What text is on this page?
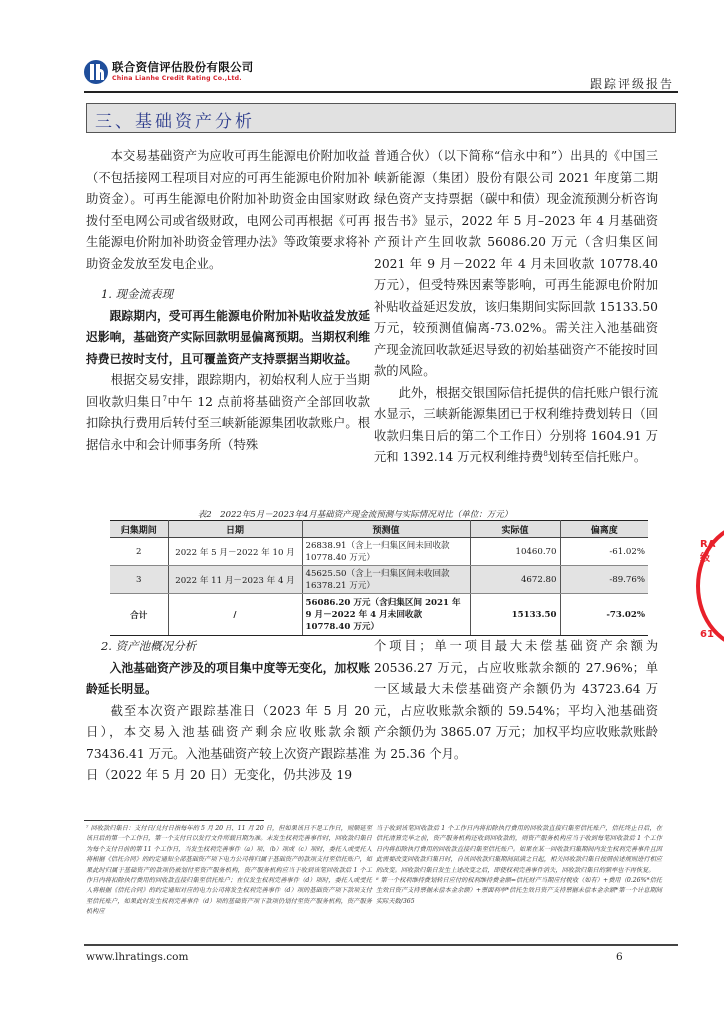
联合资信评估股份有限公司
China Lianhe Credit Rating Co.,Ltd.	跟踪评级报告
三、基础资产分析

本交易基础资产为应收可再生能源电价附加收益（不包括接网工程项目对应的可再生能源电价附加补助资金）。可再生能源电价附加补助资金由国家财政拨付至电网公司或省级财政，电网公司再根据《可再生能源电价附加补助资金管理办法》等政策要求将补助资金发放至发电企业。

1. 现金流表现

跟踪期内，受可再生能源电价附加补贴收益发放延迟影响，基础资产实际回款明显偏离预期。当期权利维持费已按时支付，且可覆盖资产支持票据当期收益。

根据交易安排，跟踪期内，初始权利人应于当期回收款归集日$^7$中午 12 点前将基础资产全部回收款扣除执行费用后转付至三峡新能源集团收款账户。根据信永中和会计师事务所（特殊

普通合伙）（以下简称“信永中和”）出具的《中国三峡新能源（集团）股份有限公司 2021 年度第二期绿色资产支持票据（碳中和债）现金流预测分析咨询报告书》显示，2022 年 5 月–2023 年 4 月基础资产预计产生回收款 56086.20 万元（含归集区间 2021 年 9 月－2022 年 4 月未回收款 10778.40 万元），但受特殊因素等影响，可再生能源电价附加补贴收益延迟发放，该归集期间实际回款 15133.50 万元，较预测值偏离-73.02%。需关注入池基础资产现金流回收款延迟导致的初始基础资产不能按时回款的风险。

此外，根据交银国际信托提供的信托账户银行流水显示，三峡新能源集团已于权利维持费划转日（回收款归集日后的第二个工作日）分别将 1604.91 万元和 1392.14 万元权利维持费$^8$划转至信托账户。

表2　2022年5月－2023年4月基础资产现金流预测与实际情况对比（单位：万元）
归集期间	日期	预测值	实际值	偏离度
2	2022 年 5 月－2022 年 10 月	26838.91（含上一归集区间未回收款 10778.40 万元）	10460.70	-61.02%
3	2022 年 11 月－2023 年 4 月	45625.50（含上一归集区间未收回款 16378.21 万元）	4672.80	-89.76%
合计	/	56086.20 万元（含归集区间 2021 年 9 月－2022 年 4 月未回收款 10778.40 万元）	15133.50	-73.02%
RA 级
61

2. 资产池概况分析

入池基础资产涉及的项目集中度等无变化，加权账龄延长明显。

截至本次资产跟踪基准日（2023 年 5 月 20 日），本交易入池基础资产剩余应收账款余额 73436.41 万元。入池基础资产较上次资产跟踪基准日（2022 年 5 月 20 日）无变化，仍共涉及 19

个项目；单一项目最大未偿基础资产余额为 20536.27 万元，占应收账款余额的 27.96%；单一区域最大未偿基础资产余额仍为 43723.64 万元，占应收账款余额的 59.54%；平均入池基础资产余额仍为 3865.07 万元；加权平均应收账款账龄为 25.36 个月。

⁷ 回收款归集日：支付日/兑付日指每年的 5 月 20 日、11 月 20 日，但如果该日不是工作日，则顺延至该日后的第一个工作日，第一个支付日以发行文件所载日期为准。未发生权利完善事件时，回收款归集日为每个支付日前的第 11 个工作日，当发生权利完善事件（a）项、（b）项或（c）项时，委托人或受托人将根据《信托合同》的约定通知全部基础资产项下电力公司将归属于基础资产的款项支付至信托账户，如果此时归属于基础资产的款项仍被划付至资产服务机构，资产服务机构应当于收到该笔回收款后 1 个工作日内将扣除执行费用的回收款直接归集至信托账户；在仅发生权利完善事件（d）项时，委托人或受托人将根据《信托合同》的约定通知对应的电力公司将发生权利完善事件（d）项的基础资产项下款项支付至信托账户，如果此时发生权利完善事件（d）项的基础资产项下款项仍划付至资产服务机构，资产服务机构应
当于收到该笔回收款后 1 个工作日内将扣除执行费用的回收款直接归集至信托账户，信托终止日后，在信托清算完毕之前，资产服务机构还收到回收款的，则资产服务机构应当于收到每笔回收款后 1 个工作日内将扣除执行费用的回收款直接归集至信托账户。如果在某一回收款归集期间内发生权利完善事件且因此需要改变回收款归集日时，自该回收款归集期间届满之日起，相关回收款归集日按照前述规则进行相应的改变。回收款归集日发生上述改变之后，即使权利完善事件消失，回收款归集日的频率也不再恢复。
⁸ 第一个权利维持费划转日应付的权利维持费金额=信托财产当期应付税收（如有）+费用（0.26%*信托生效日资产支持票据未偿本金余额）+票面利率*信托生效日资产支持票据未偿本金余额*第一个计息期间实际天数/365
www.lhratings.com	6
